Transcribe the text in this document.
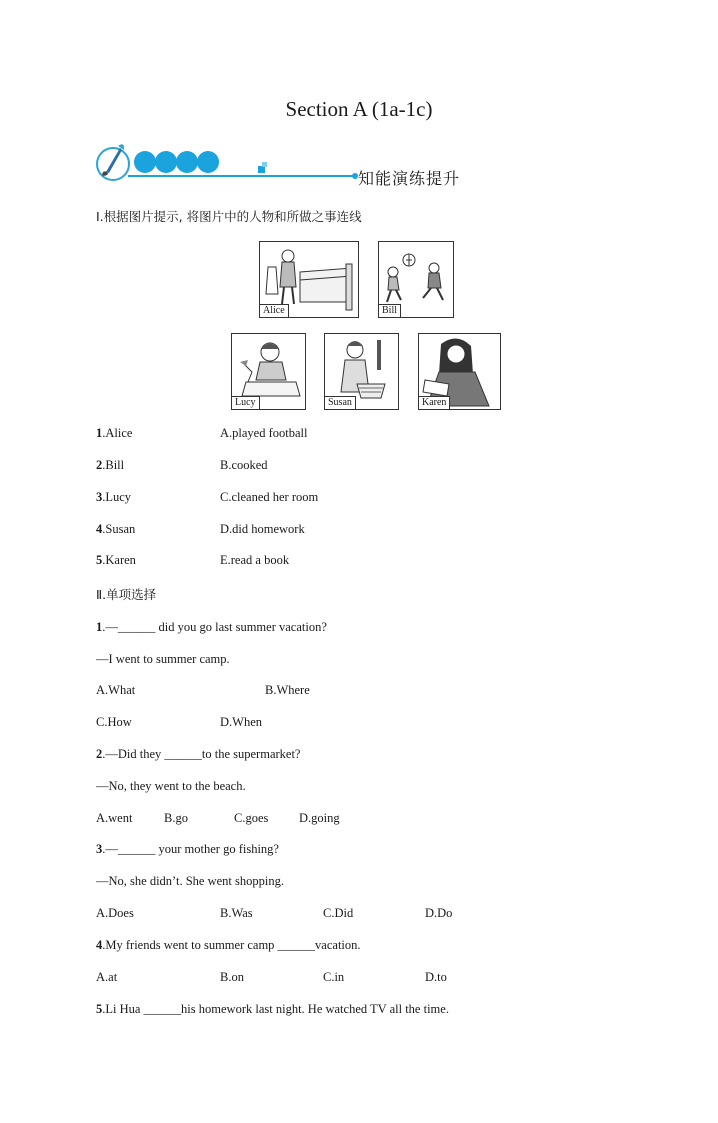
Section A (1a-1c)
知能演练提升
Ⅰ.根据图片提示, 将图片中的人物和所做之事连线
Alice	Bill
Lucy	Susan	Karen
1.Alice	A.played football
2.Bill	B.cooked
3.Lucy	C.cleaned her room
4.Susan	D.did homework
5.Karen	E.read a book
Ⅱ.单项选择
1.—______ did you go last summer vacation?
—I went to summer camp.
A.What	B.Where
C.How	D.When
2.—Did they ______to the supermarket?
—No, they went to the beach.
A.went	B.go	C.goes D.going
3.—______ your mother go fishing?
—No, she didn’t. She went shopping.
A.Does	B.Was	C.Did	D.Do
4.My friends went to summer camp ______vacation.
A.at	B.on	C.in	D.to
5.Li Hua ______his homework last night. He watched TV all the time.
